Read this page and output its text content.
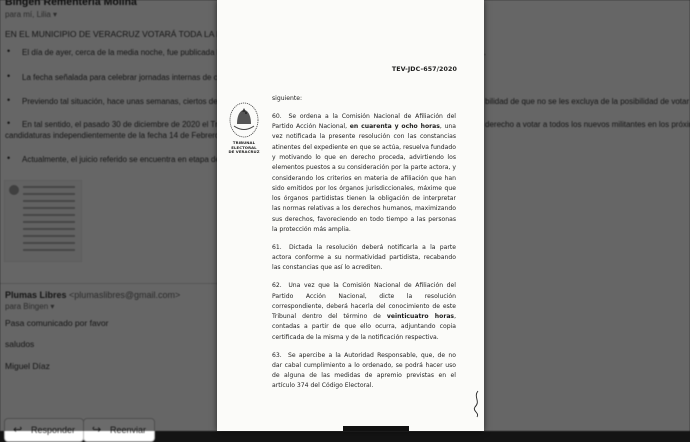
TEV-JDC-657/2020
TRIBUNAL ELECTORAL
DE VERACRUZ

siguiente:

60. Se ordena a la Comisión Nacional de Afiliación del Partido Acción Nacional, en cuarenta y ocho horas, una vez notificada la presente resolución con las constancias atinentes del expediente en que se actúa, resuelva fundado y motivando lo que en derecho proceda, advirtiendo los elementos puestos a su consideración por la parte actora, y considerando los criterios en materia de afiliación que han sido emitidos por los órganos jurisdiccionales, máxime que los órganos partidistas tienen la obligación de interpretar las normas relativas a los derechos humanos, maximizando sus derechos, favoreciendo en todo tiempo a las personas la protección más amplia.

61. Dictada la resolución deberá notificarla a la parte actora conforme a su normatividad partidista, recabando las constancias que así lo acrediten.

62. Una vez que la Comisión Nacional de Afiliación del Partido Acción Nacional, dicte la resolución correspondiente, deberá hacerla del conocimiento de este Tribunal dentro del término de veinticuatro horas, contadas a partir de que ello ocurra, adjuntando copia certificada de la misma y de la notificación respectiva.

63. Se apercibe a la Autoridad Responsable, que, de no dar cabal cumplimiento a lo ordenado, se podrá hacer uso de alguna de las medidas de apremio previstas en el artículo 374 del Código Electoral.
